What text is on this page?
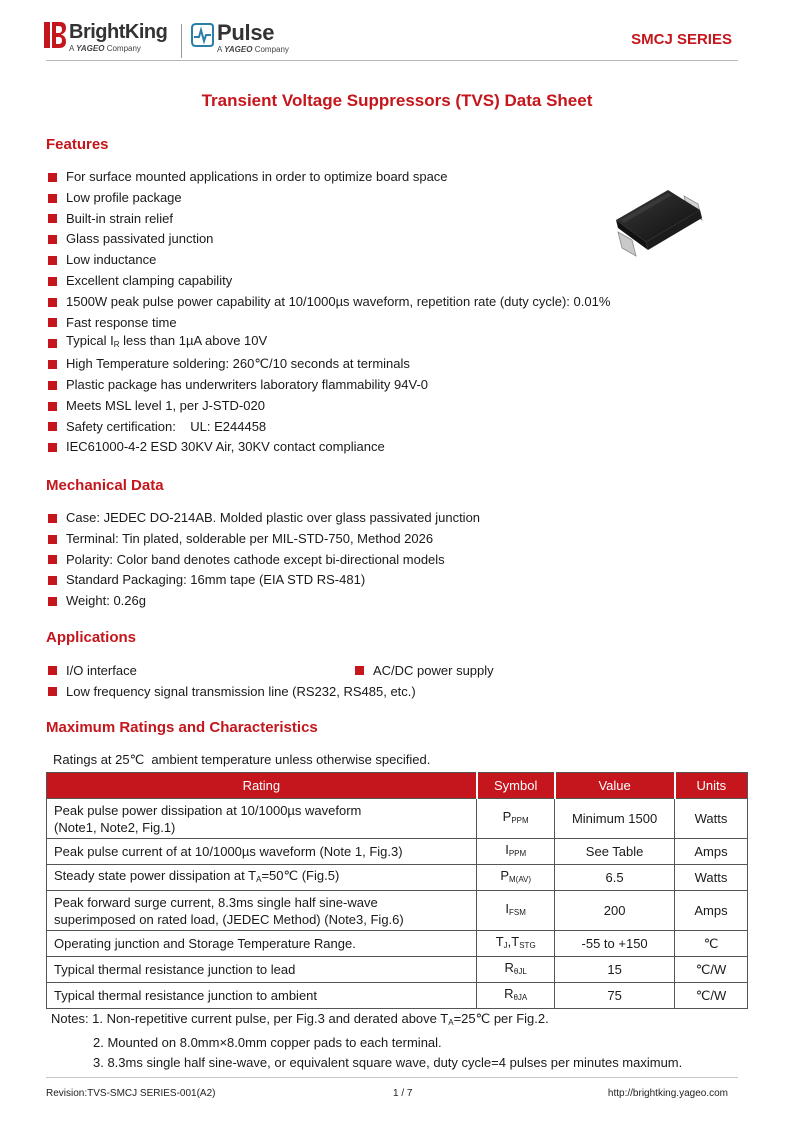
BrightKing
A YAGEO Company
Pulse
A YAGEO Company
SMCJ SERIES
Transient Voltage Suppressors (TVS) Data Sheet
Features
For surface mounted applications in order to optimize board space
Low profile package
Built-in strain relief
Glass passivated junction
Low inductance
Excellent clamping capability
1500W peak pulse power capability at 10/1000µs waveform, repetition rate (duty cycle): 0.01%
Fast response time
Typical $I_R$ less than 1µA above 10V
High Temperature soldering: 260℃/10 seconds at terminals
Plastic package has underwriters laboratory flammability 94V-0
Meets MSL level 1, per J-STD-020
Safety certification:    UL: E244458
IEC61000-4-2 ESD 30KV Air, 30KV contact compliance
Mechanical Data
Case: JEDEC DO-214AB. Molded plastic over glass passivated junction
Terminal: Tin plated, solderable per MIL-STD-750, Method 2026
Polarity: Color band denotes cathode except bi-directional models
Standard Packaging: 16mm tape (EIA STD RS-481)
Weight: 0.26g
Applications
I/O interface	AC/DC power supply
Low frequency signal transmission line (RS232, RS485, etc.)
Maximum Ratings and Characteristics
Ratings at 25℃  ambient temperature unless otherwise specified.
Rating	Symbol	Value	Units

Peak pulse power dissipation at 10/1000µs waveform
(Note1, Note2, Fig.1)	$P_{PPM}$	Minimum 1500	Watts
Peak pulse current of at 10/1000µs waveform (Note 1, Fig.3)	$I_{PPM}$	See Table	Amps
Steady state power dissipation at $T_A=50℃$ (Fig.5)	$P_{M(AV)}$	6.5	Watts

Peak forward surge current, 8.3ms single half sine-wave
superimposed on rated load, (JEDEC Method) (Note3, Fig.6)	$I_{FSM}$	200	Amps
Operating junction and Storage Temperature Range.	$T_J,T_{STG}$	-55 to +150	℃
Typical thermal resistance junction to lead	$R_{\theta JL}$	15	℃/W
Typical thermal resistance junction to ambient	$R_{\theta JA}$	75	℃/W
Notes: 1. Non-repetitive current pulse, per Fig.3 and derated above $T_A=25℃$ per Fig.2.
2. Mounted on 8.0mm×8.0mm copper pads to each terminal.
3. 8.3ms single half sine-wave, or equivalent square wave, duty cycle=4 pulses per minutes maximum.
Revision:TVS-SMCJ SERIES-001(A2)	1 / 7	http://brightking.yageo.com
